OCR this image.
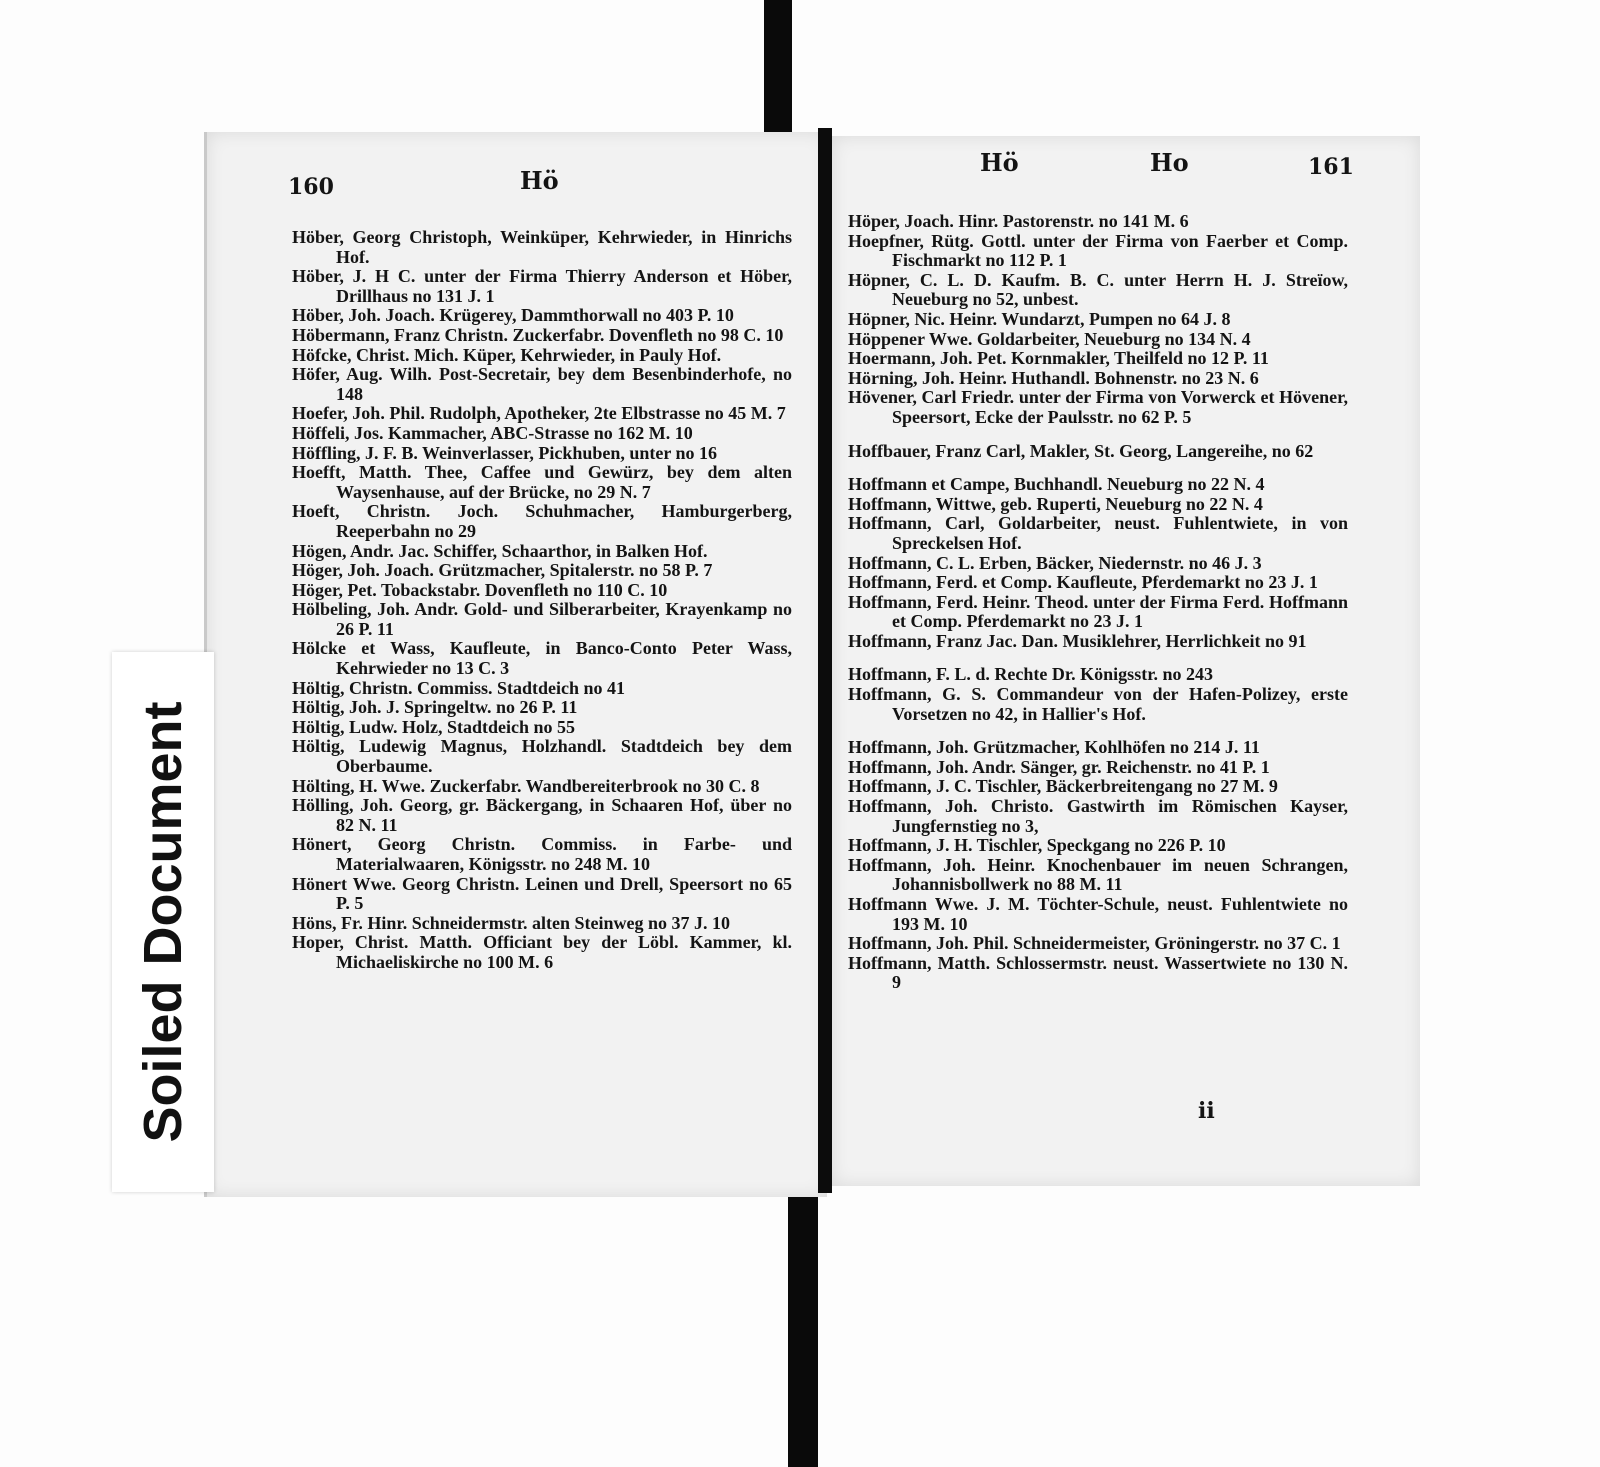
160	Hö
Hö	Ho	161

Höber, Georg Christoph, Weinküper, Kehrwieder, in Hinrichs Hof.

Höber, J. H C. unter der Firma Thierry Anderson et Höber, Drillhaus no 131 J. 1

Höber, Joh. Joach. Krügerey, Dammthorwall no 403 P. 10

Höbermann, Franz Christn. Zuckerfabr. Dovenfleth no 98 C. 10

Höfcke, Christ. Mich. Küper, Kehrwieder, in Pauly Hof.

Höfer, Aug. Wilh. Post-Secretair, bey dem Besenbinderhofe, no 148

Hoefer, Joh. Phil. Rudolph, Apotheker, 2te Elbstrasse no 45 M. 7

Höffeli, Jos. Kammacher, ABC-Strasse no 162 M. 10

Höffling, J. F. B. Weinverlasser, Pickhuben, unter no 16

Hoefft, Matth. Thee, Caffee und Gewürz, bey dem alten Waysenhause, auf der Brücke, no 29 N. 7

Hoeft, Christn. Joch. Schuhmacher, Hamburgerberg, Reeperbahn no 29

Högen, Andr. Jac. Schiffer, Schaarthor, in Balken Hof.

Höger, Joh. Joach. Grützmacher, Spitalerstr. no 58 P. 7

Höger, Pet. Tobackstabr. Dovenfleth no 110 C. 10

Hölbeling, Joh. Andr. Gold- und Silberarbeiter, Krayenkamp no 26 P. 11

Hölcke et Wass, Kaufleute, in Banco-Conto Peter Wass, Kehrwieder no 13 C. 3

Höltig, Christn. Commiss. Stadtdeich no 41

Höltig, Joh. J. Springeltw. no 26 P. 11

Höltig, Ludw. Holz, Stadtdeich no 55

Höltig, Ludewig Magnus, Holzhandl. Stadtdeich bey dem Oberbaume.

Hölting, H. Wwe. Zuckerfabr. Wandbereiterbrook no 30 C. 8

Hölling, Joh. Georg, gr. Bäckergang, in Schaaren Hof, über no 82 N. 11

Hönert, Georg Christn. Commiss. in Farbe- und Materialwaaren, Königsstr. no 248 M. 10

Hönert Wwe. Georg Christn. Leinen und Drell, Speersort no 65 P. 5

Höns, Fr. Hinr. Schneidermstr. alten Steinweg no 37 J. 10

Hoper, Christ. Matth. Officiant bey der Löbl. Kammer, kl. Michaeliskirche no 100 M. 6

Höper, Joach. Hinr. Pastorenstr. no 141 M. 6

Hoepfner, Rütg. Gottl. unter der Firma von Faerber et Comp. Fischmarkt no 112 P. 1

Höpner, C. L. D. Kaufm. B. C. unter Herrn H. J. Streïow, Neueburg no 52, unbest.

Höpner, Nic. Heinr. Wundarzt, Pumpen no 64 J. 8

Höppener Wwe. Goldarbeiter, Neueburg no 134 N. 4

Hoermann, Joh. Pet. Kornmakler, Theilfeld no 12 P. 11

Hörning, Joh. Heinr. Huthandl. Bohnenstr. no 23 N. 6

Hövener, Carl Friedr. unter der Firma von Vorwerck et Hövener, Speersort, Ecke der Paulsstr. no 62 P. 5

Hoffbauer, Franz Carl, Makler, St. Georg, Langereihe, no 62

Hoffmann et Campe, Buchhandl. Neueburg no 22 N. 4

Hoffmann, Wittwe, geb. Ruperti, Neueburg no 22 N. 4

Hoffmann, Carl, Goldarbeiter, neust. Fuhlentwiete, in von Spreckelsen Hof.

Hoffmann, C. L. Erben, Bäcker, Niedernstr. no 46 J. 3

Hoffmann, Ferd. et Comp. Kaufleute, Pferdemarkt no 23 J. 1

Hoffmann, Ferd. Heinr. Theod. unter der Firma Ferd. Hoffmann et Comp. Pferdemarkt no 23 J. 1

Hoffmann, Franz Jac. Dan. Musiklehrer, Herrlichkeit no 91

Hoffmann, F. L. d. Rechte Dr. Königsstr. no 243

Hoffmann, G. S. Commandeur von der Hafen-Polizey, erste Vorsetzen no 42, in Hallier's Hof.

Hoffmann, Joh. Grützmacher, Kohlhöfen no 214 J. 11

Hoffmann, Joh. Andr. Sänger, gr. Reichenstr. no 41 P. 1

Hoffmann, J. C. Tischler, Bäckerbreitengang no 27 M. 9

Hoffmann, Joh. Christo. Gastwirth im Römischen Kayser, Jungfernstieg no 3,

Hoffmann, J. H. Tischler, Speckgang no 226 P. 10

Hoffmann, Joh. Heinr. Knochenbauer im neuen Schrangen, Johannisbollwerk no 88 M. 11

Hoffmann Wwe. J. M. Töchter-Schule, neust. Fuhlentwiete no 193 M. 10

Hoffmann, Joh. Phil. Schneidermeister, Gröningerstr. no 37 C. 1

Hoffmann, Matth. Schlossermstr. neust. Wassertwiete no 130 N. 9

ii
Soiled Document
